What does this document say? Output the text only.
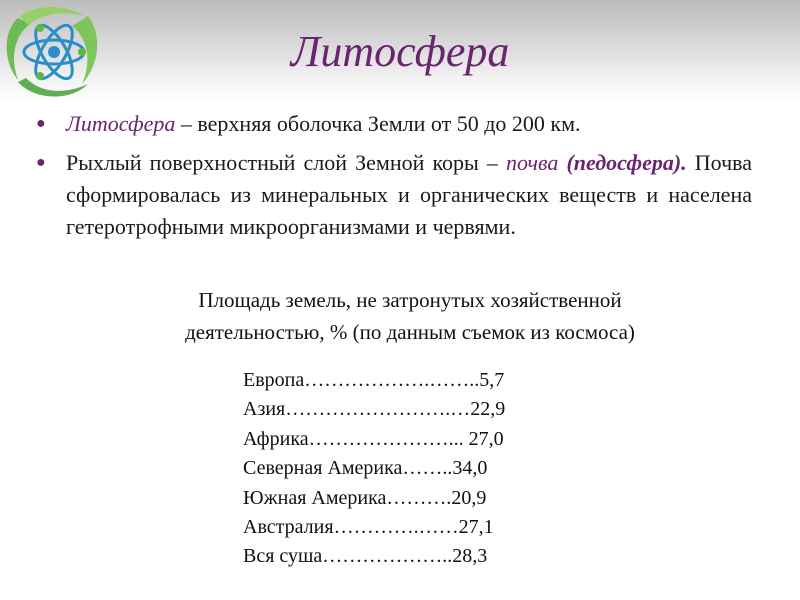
Литосфера
● Литосфера – верхняя оболочка Земли от 50 до 200 км.
● Рыхлый поверхностный слой Земной коры – почва (педосфера). Почва сформировалась из минеральных и органических веществ и населена гетеротрофными микроорганизмами и червями.
Площадь земель, не затронутых хозяйственной
деятельностью, % (по данным съемок из космоса)
Европа……………….……..5,7
Азия…………………….…22,9
Африка…………………... 27,0
Северная Америка……..34,0
Южная Америка……….20,9
Австралия………….……27,1
Вся суша………………..28,3
